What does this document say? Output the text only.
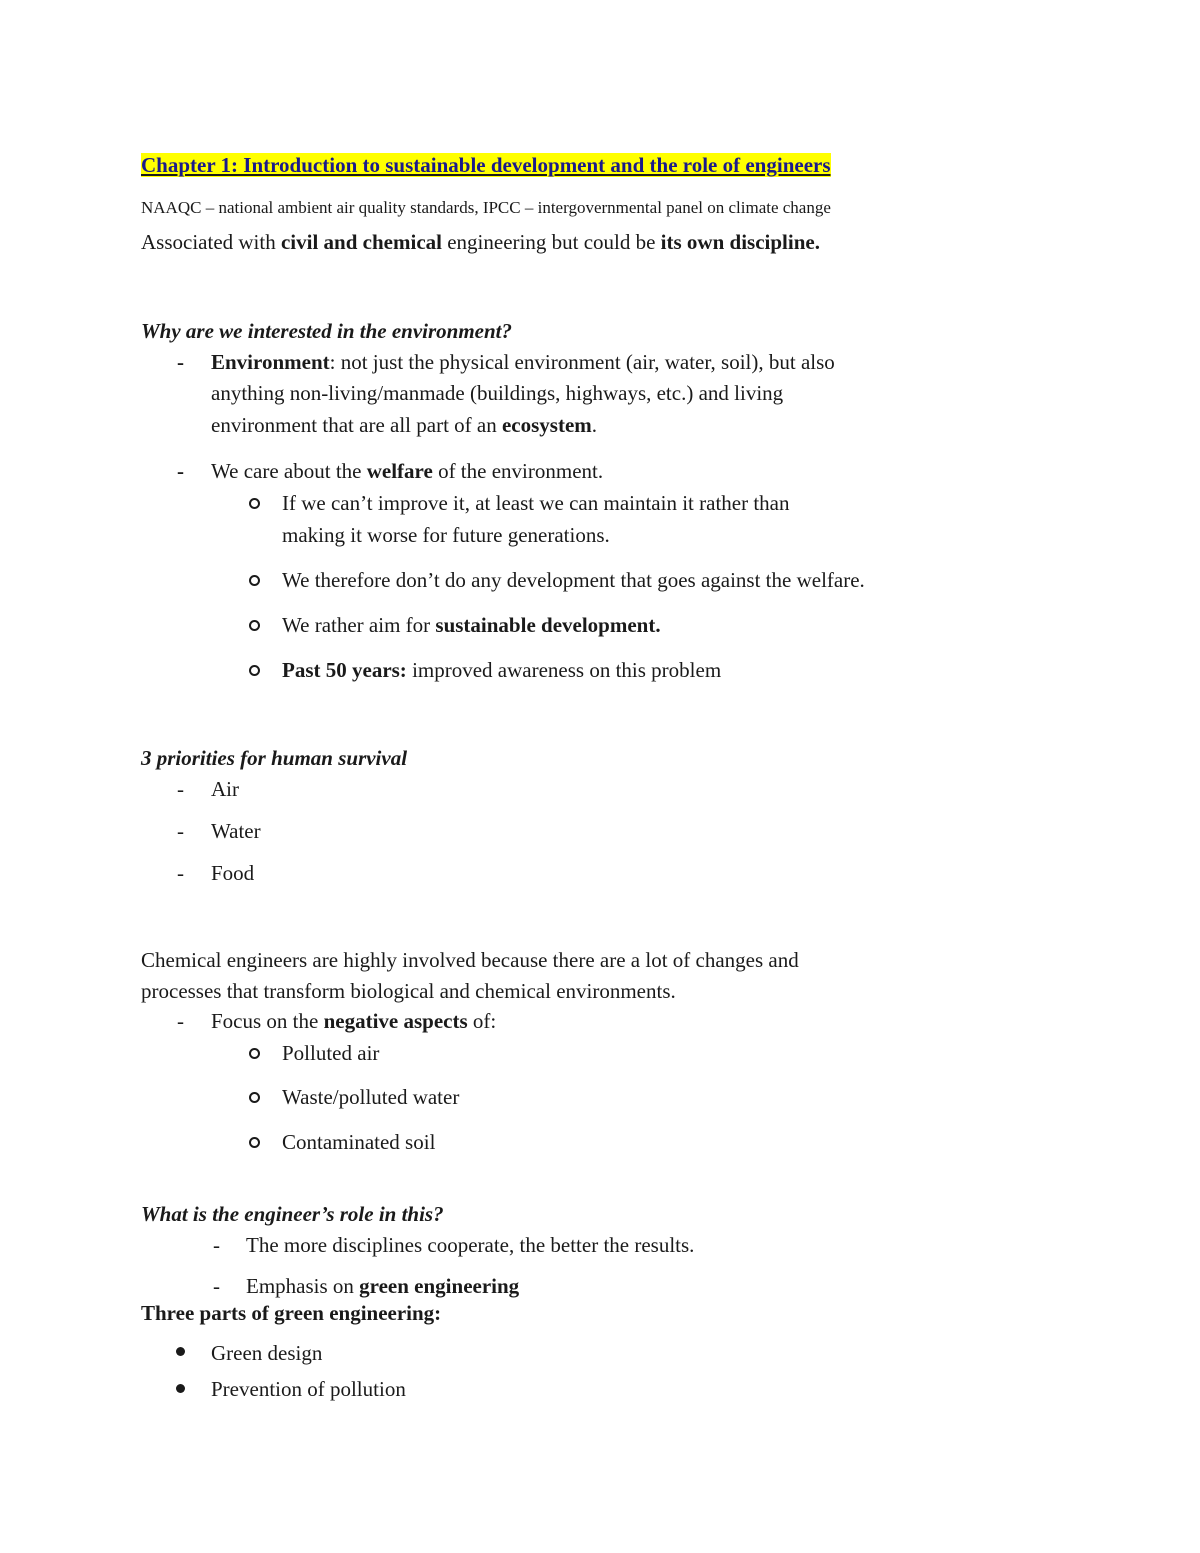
Chapter 1: Introduction to sustainable development and the role of engineers
NAAQC – national ambient air quality standards, IPCC – intergovernmental panel on climate change
Associated with civil and chemical engineering but could be its own discipline.
Why are we interested in the environment?
- Environment: not just the physical environment (air, water, soil), but also
anything non-living/manmade (buildings, highways, etc.) and living
environment that are all part of an ecosystem.
- We care about the welfare of the environment.
If we can’t improve it, at least we can maintain it rather than
making it worse for future generations.
We therefore don’t do any development that goes against the welfare.
We rather aim for sustainable development.
Past 50 years: improved awareness on this problem
3 priorities for human survival
- Air
- Water
- Food
Chemical engineers are highly involved because there are a lot of changes and
processes that transform biological and chemical environments.
- Focus on the negative aspects of:
Polluted air
Waste/polluted water
Contaminated soil
What is the engineer’s role in this?
- The more disciplines cooperate, the better the results.
- Emphasis on green engineering
Three parts of green engineering:
Green design
Prevention of pollution
